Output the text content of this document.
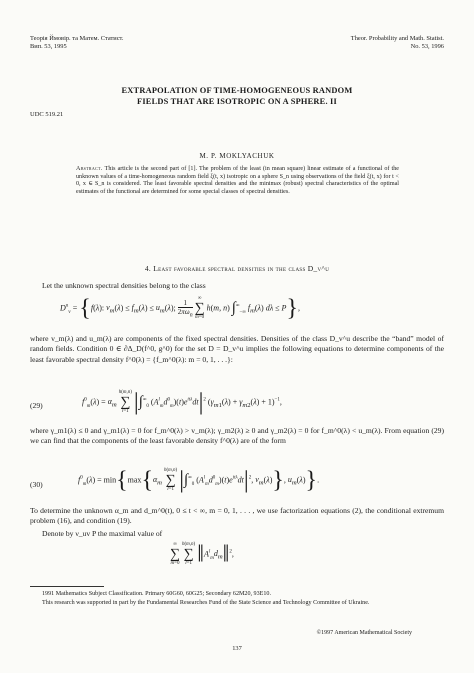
Теорiя Ймовiр. та Матем. Статист.
Вип. 53, 1995
Theor. Probability and Math. Statist.
No. 53, 1996
EXTRAPOLATION OF TIME-HOMOGENEOUS RANDOM
FIELDS THAT ARE ISOTROPIC ON A SPHERE. II
UDC 519.21
M. P. MOKLYACHUK
Abstract. This article is the second part of [1]. The problem of the least (in mean square) linear estimate of a functional of the unknown values of a time-homogeneous random field ξ(t, x) isotropic on a sphere S_n using observations of the field ξ(t, x) for t < 0, x ∈ S_n is considered. The least favorable spectral densities and the minimax (robust) spectral characteristics of the optimal estimates of the functional are determined for some special classes of spectral densities.
4. Least favorable spectral densities in the class D_v^u
Let the unknown spectral densities belong to the class
$D^u_v = \{f(\lambda)$: $v_m(\lambda) \le f_m(\lambda) \le u_m(\lambda)$; $\frac{1}{2\pi\omega_n}$
∞
∑
m=0 h(m, n) $\int^\infty_{-\infty}$ $f_m(\lambda) d\lambda \le P$},
where v_m(λ) and u_m(λ) are components of the fixed spectral densities. Densities of the class D_v^u describe the “band” model of random fields. Condition 0 ∈ ∂Δ_D(f^0, g^0) for the set D = D_v^u implies the following equations to determine components of the least favorable spectral density f^0(λ) = {f_m^0(λ): m = 0, 1, . . .}:
(29)	$f^0_m(\lambda) = \alpha_m$ h(m,n)
∑
l=1 $|\int^\infty_0$ $(A^l_md^0_m)(t)e^{it\lambda}dt|^2$ $(\gamma_{m1}(\lambda) + \gamma_{m2}(\lambda) + 1)^{-1}$,
where γ_m1(λ) ≤ 0 and γ_m1(λ) = 0 for f_m^0(λ) > v_m(λ); γ_m2(λ) ≥ 0 and γ_m2(λ) = 0 for f_m^0(λ) < u_m(λ). From equation (29) we can find that the components of the least favorable density f^0(λ) are of the form
(30)
$f^0_m(\lambda) = \min\{\max\{\alpha_m$ h(m,n)
∑
l=1 $|\int^\infty_0$ $(A^l_md^0_m)(t)e^{it\lambda}dt|^2$, $v_m(\lambda)$}, $u_m(\lambda)$}.
To determine the unknown α_m and d_m^0(t), 0 ≤ t < ∞, m = 0, 1, . . . , we use factorization equations (2), the conditional extremum problem (16), and condition (19).
Denote by ν_uv P the maximal value of
∞
∑
m=0 h(m,n)
∑
l=1 $‖A^l_md_m‖^2$,
1991 Mathematics Subject Classification. Primary 60G60, 60G25; Secondary 62M20, 93E10.
This research was supported in part by the Fundamental Researches Fund of the State Science and Technology Committee of Ukraine.
©1997 American Mathematical Society
137
